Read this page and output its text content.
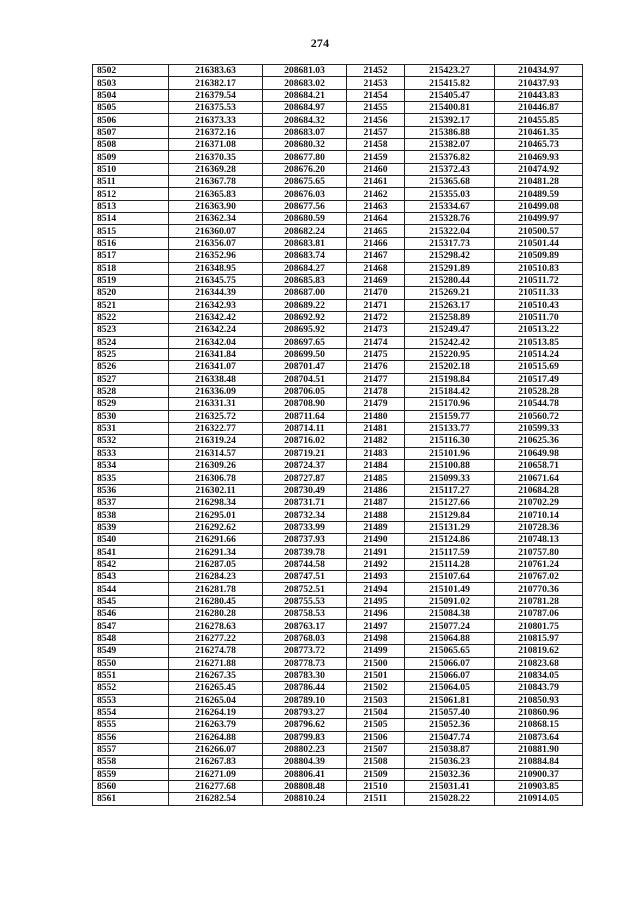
274
8502	216383.63	208681.03	21452	215423.27	210434.97
8503	216382.17	208683.02	21453	215415.82	210437.93
8504	216379.54	208684.21	21454	215405.47	210443.83
8505	216375.53	208684.97	21455	215400.81	210446.87
8506	216373.33	208684.32	21456	215392.17	210455.85
8507	216372.16	208683.07	21457	215386.88	210461.35
8508	216371.08	208680.32	21458	215382.07	210465.73
8509	216370.35	208677.80	21459	215376.82	210469.93
8510	216369.28	208676.20	21460	215372.43	210474.92
8511	216367.78	208675.65	21461	215365.68	210481.28
8512	216365.83	208676.03	21462	215355.03	210489.59
8513	216363.90	208677.56	21463	215334.67	210499.08
8514	216362.34	208680.59	21464	215328.76	210499.97
8515	216360.07	208682.24	21465	215322.04	210500.57
8516	216356.07	208683.81	21466	215317.73	210501.44
8517	216352.96	208683.74	21467	215298.42	210509.89
8518	216348.95	208684.27	21468	215291.89	210510.83
8519	216345.75	208685.83	21469	215280.44	210511.72
8520	216344.39	208687.00	21470	215269.21	210511.33
8521	216342.93	208689.22	21471	215263.17	210510.43
8522	216342.42	208692.92	21472	215258.89	210511.70
8523	216342.24	208695.92	21473	215249.47	210513.22
8524	216342.04	208697.65	21474	215242.42	210513.85
8525	216341.84	208699.50	21475	215220.95	210514.24
8526	216341.07	208701.47	21476	215202.18	210515.69
8527	216338.48	208704.51	21477	215198.84	210517.49
8528	216336.09	208706.05	21478	215184.42	210528.28
8529	216331.31	208708.90	21479	215170.96	210544.78
8530	216325.72	208711.64	21480	215159.77	210560.72
8531	216322.77	208714.11	21481	215133.77	210599.33
8532	216319.24	208716.02	21482	215116.30	210625.36
8533	216314.57	208719.21	21483	215101.96	210649.98
8534	216309.26	208724.37	21484	215100.88	210658.71
8535	216306.78	208727.87	21485	215099.33	210671.64
8536	216302.11	208730.49	21486	215117.27	210684.28
8537	216298.34	208731.71	21487	215127.66	210702.29
8538	216295.01	208732.34	21488	215129.84	210710.14
8539	216292.62	208733.99	21489	215131.29	210728.36
8540	216291.66	208737.93	21490	215124.86	210748.13
8541	216291.34	208739.78	21491	215117.59	210757.80
8542	216287.05	208744.58	21492	215114.28	210761.24
8543	216284.23	208747.51	21493	215107.64	210767.02
8544	216281.78	208752.51	21494	215101.49	210770.36
8545	216280.45	208755.53	21495	215091.02	210781.28
8546	216280.28	208758.53	21496	215084.38	210787.06
8547	216278.63	208763.17	21497	215077.24	210801.75
8548	216277.22	208768.03	21498	215064.88	210815.97
8549	216274.78	208773.72	21499	215065.65	210819.62
8550	216271.88	208778.73	21500	215066.07	210823.68
8551	216267.35	208783.30	21501	215066.07	210834.05
8552	216265.45	208786.44	21502	215064.05	210843.79
8553	216265.04	208789.10	21503	215061.81	210850.93
8554	216264.19	208793.27	21504	215057.40	210860.96
8555	216263.79	208796.62	21505	215052.36	210868.15
8556	216264.88	208799.83	21506	215047.74	210873.64
8557	216266.07	208802.23	21507	215038.87	210881.90
8558	216267.83	208804.39	21508	215036.23	210884.84
8559	216271.09	208806.41	21509	215032.36	210900.37
8560	216277.68	208808.48	21510	215031.41	210903.85
8561	216282.54	208810.24	21511	215028.22	210914.05
